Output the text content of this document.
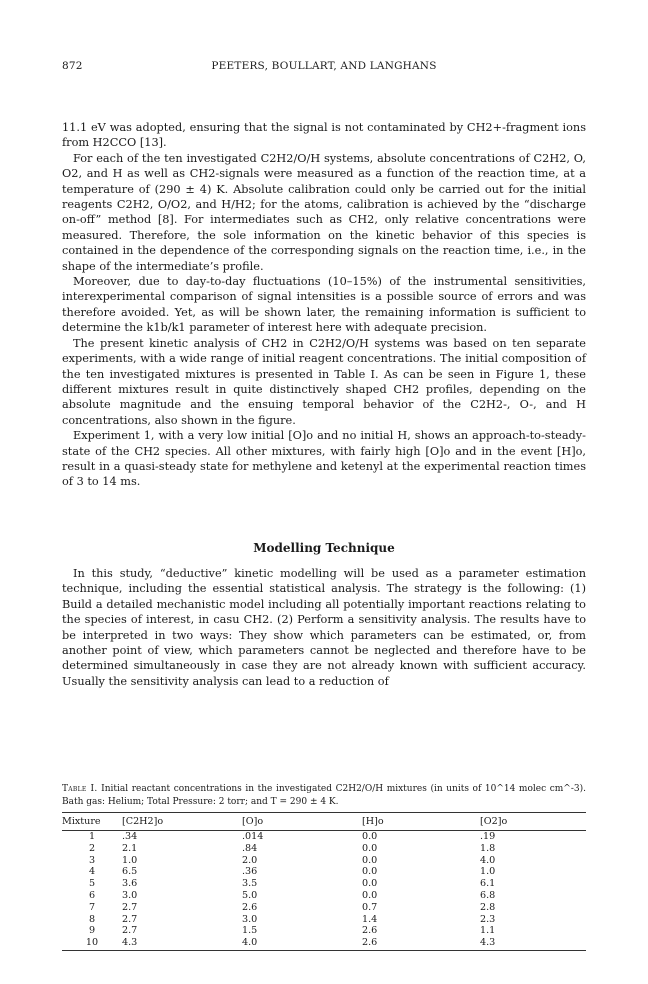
872	PEETERS, BOULLART, AND LANGHANS

11.1 eV was adopted, ensuring that the signal is not contaminated by CH2+-fragment ions from H2CCO [13].

For each of the ten investigated C2H2/O/H systems, absolute concentrations of C2H2, O, O2, and H as well as CH2-signals were measured as a function of the reaction time, at a temperature of (290 ± 4) K. Absolute calibration could only be carried out for the initial reagents C2H2, O/O2, and H/H2; for the atoms, calibration is achieved by the “discharge on-off” method [8]. For intermediates such as CH2, only relative concentrations were measured. Therefore, the sole information on the kinetic behavior of this species is contained in the dependence of the corresponding signals on the reaction time, i.e., in the shape of the intermediate’s profile.

Moreover, due to day-to-day fluctuations (10–15%) of the instrumental sensitivities, interexperimental comparison of signal intensities is a possible source of errors and was therefore avoided. Yet, as will be shown later, the remaining information is sufficient to determine the k1b/k1 parameter of interest here with adequate precision.

The present kinetic analysis of CH2 in C2H2/O/H systems was based on ten separate experiments, with a wide range of initial reagent concentrations. The initial composition of the ten investigated mixtures is presented in Table I. As can be seen in Figure 1, these different mixtures result in quite distinctively shaped CH2 profiles, depending on the absolute magnitude and the ensuing temporal behavior of the C2H2-, O-, and H concentrations, also shown in the figure.

Experiment 1, with a very low initial [O]o and no initial H, shows an approach-to-steady-state of the CH2 species. All other mixtures, with fairly high [O]o and in the event [H]o, result in a quasi-steady state for methylene and ketenyl at the experimental reaction times of 3 to 14 ms.

Modelling Technique

In this study, “deductive” kinetic modelling will be used as a parameter estimation technique, including the essential statistical analysis. The strategy is the following: (1) Build a detailed mechanistic model including all potentially important reactions relating to the species of interest, in casu CH2. (2) Perform a sensitivity analysis. The results have to be interpreted in two ways: They show which parameters can be estimated, or, from another point of view, which parameters cannot be neglected and therefore have to be determined simultaneously in case they are not already known with sufficient accuracy. Usually the sensitivity analysis can lead to a reduction of

Table I. Initial reactant concentrations in the investigated C2H2/O/H mixtures (in units of 10^14 molec cm^-3). Bath gas: Helium; Total Pressure: 2 torr; and T = 290 ± 4 K.
Mixture	[C2H2]o	[O]o	[H]o	[O2]o
1	.34	.014	0.0	.19
2	2.1	.84	0.0	1.8
3	1.0	2.0	0.0	4.0
4	6.5	.36	0.0	1.0
5	3.6	3.5	0.0	6.1
6	3.0	5.0	0.0	6.8
7	2.7	2.6	0.7	2.8
8	2.7	3.0	1.4	2.3
9	2.7	1.5	2.6	1.1
10	4.3	4.0	2.6	4.3
